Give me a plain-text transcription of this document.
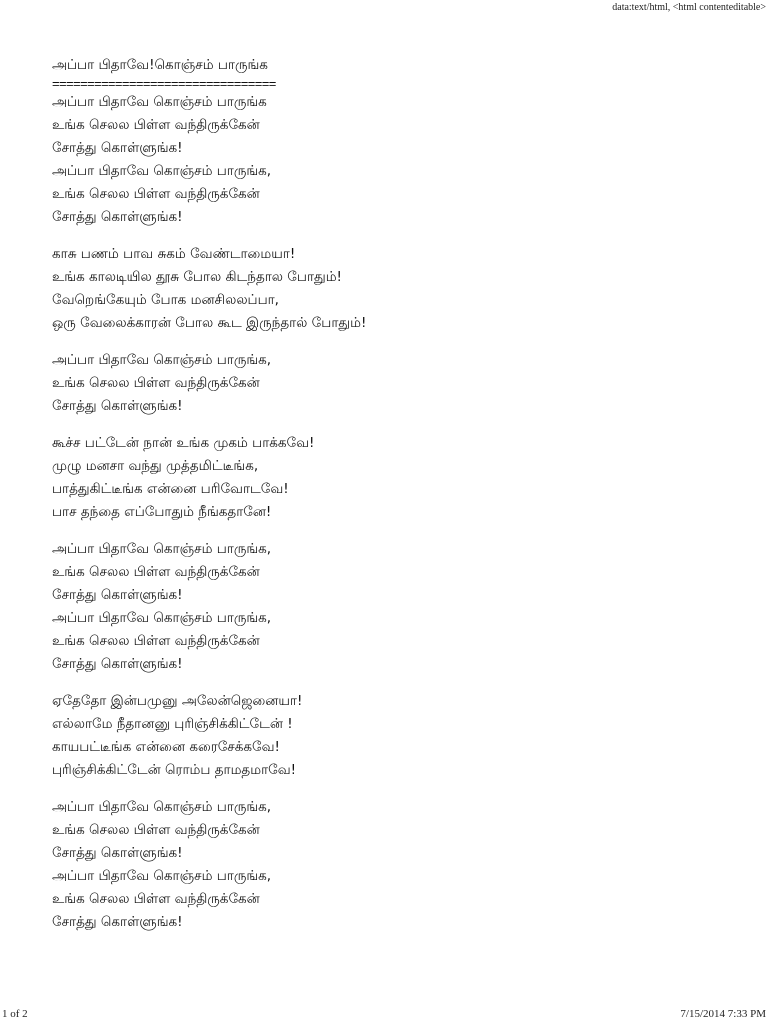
data:text/html, <html contenteditable>
அப்பா பிதாவே!கொஞ்சம் பாருங்க
================================
அப்பா பிதாவே கொஞ்சம் பாருங்க
உங்க செலல பிள்ள வந்திருக்கேன்
சோத்து கொள்ளுங்க!
அப்பா பிதாவே கொஞ்சம் பாருங்க,
உங்க செலல பிள்ள வந்திருக்கேன்
சோத்து கொள்ளுங்க!
காசு பணம் பாவ சுகம் வேண்டாமையா!
உங்க காலடியில தூசு போல கிடந்தால போதும்!
வேறெங்கேயும் போக மனசிலலப்பா,
ஒரு வேலைக்காரன் போல கூட இருந்தால் போதும்!
அப்பா பிதாவே கொஞ்சம் பாருங்க,
உங்க செலல பிள்ள வந்திருக்கேன்
சோத்து கொள்ளுங்க!
கூச்ச பட்டேன் நான் உங்க முகம் பாக்கவே!
முழு மனசா வந்து முத்தமிட்டீங்க,
பாத்துகிட்டீங்க என்னை பரிவோடவே!
பாச தந்தை எப்போதும் நீங்கதானே!
அப்பா பிதாவே கொஞ்சம் பாருங்க,
உங்க செலல பிள்ள வந்திருக்கேன்
சோத்து கொள்ளுங்க!
அப்பா பிதாவே கொஞ்சம் பாருங்க,
உங்க செலல பிள்ள வந்திருக்கேன்
சோத்து கொள்ளுங்க!
ஏதேதோ இன்பமுனு அலேன்ஜெனையா!
எல்லாமே நீதானனு புரிஞ்சிக்கிட்டேன் !
காயபட்டீங்க என்னை கரைசேக்கவே!
புரிஞ்சிக்கிட்டேன் ரொம்ப தாமதமாவே!
அப்பா பிதாவே கொஞ்சம் பாருங்க,
உங்க செலல பிள்ள வந்திருக்கேன்
சோத்து கொள்ளுங்க!
அப்பா பிதாவே கொஞ்சம் பாருங்க,
உங்க செலல பிள்ள வந்திருக்கேன்
சோத்து கொள்ளுங்க!
1 of 2	7/15/2014 7:33 PM
